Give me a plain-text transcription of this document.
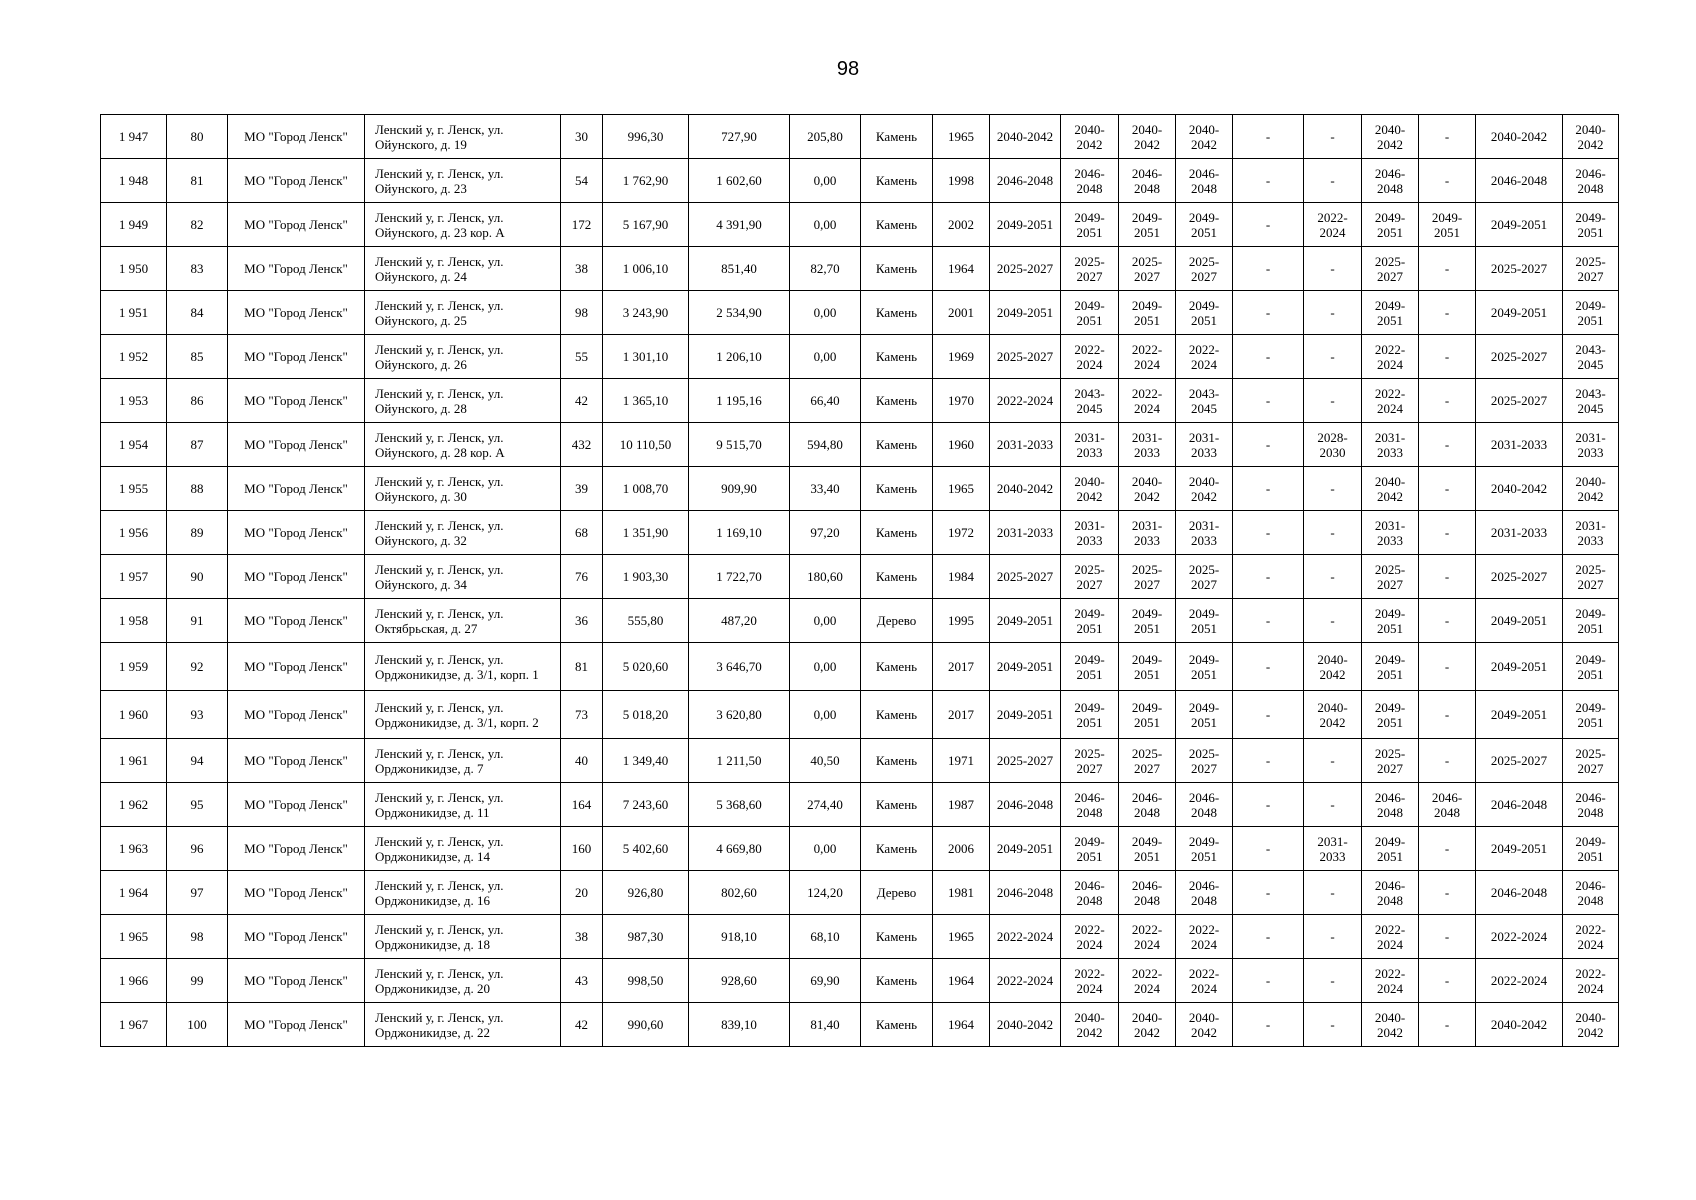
98
1 947	80	МО "Город Ленск"	Ленский у, г. Ленск, ул. Ойунского, д. 19	30	996,30	727,90	205,80	Камень	1965	2040-2042	2040-2042	2040-2042	2040-2042	-	-	2040-2042	-	2040-2042	2040-2042
1 948	81	МО "Город Ленск"	Ленский у, г. Ленск, ул. Ойунского, д. 23	54	1 762,90	1 602,60	0,00	Камень	1998	2046-2048	2046-2048	2046-2048	2046-2048	-	-	2046-2048	-	2046-2048	2046-2048
1 949	82	МО "Город Ленск"	Ленский у, г. Ленск, ул. Ойунского, д. 23 кор. А	172	5 167,90	4 391,90	0,00	Камень	2002	2049-2051	2049-2051	2049-2051	2049-2051	-	2022-2024	2049-2051	2049-2051	2049-2051	2049-2051
1 950	83	МО "Город Ленск"	Ленский у, г. Ленск, ул. Ойунского, д. 24	38	1 006,10	851,40	82,70	Камень	1964	2025-2027	2025-2027	2025-2027	2025-2027	-	-	2025-2027	-	2025-2027	2025-2027
1 951	84	МО "Город Ленск"	Ленский у, г. Ленск, ул. Ойунского, д. 25	98	3 243,90	2 534,90	0,00	Камень	2001	2049-2051	2049-2051	2049-2051	2049-2051	-	-	2049-2051	-	2049-2051	2049-2051
1 952	85	МО "Город Ленск"	Ленский у, г. Ленск, ул. Ойунского, д. 26	55	1 301,10	1 206,10	0,00	Камень	1969	2025-2027	2022-2024	2022-2024	2022-2024	-	-	2022-2024	-	2025-2027	2043-2045
1 953	86	МО "Город Ленск"	Ленский у, г. Ленск, ул. Ойунского, д. 28	42	1 365,10	1 195,16	66,40	Камень	1970	2022-2024	2043-2045	2022-2024	2043-2045	-	-	2022-2024	-	2025-2027	2043-2045
1 954	87	МО "Город Ленск"	Ленский у, г. Ленск, ул. Ойунского, д. 28 кор. А	432	10 110,50	9 515,70	594,80	Камень	1960	2031-2033	2031-2033	2031-2033	2031-2033	-	2028-2030	2031-2033	-	2031-2033	2031-2033
1 955	88	МО "Город Ленск"	Ленский у, г. Ленск, ул. Ойунского, д. 30	39	1 008,70	909,90	33,40	Камень	1965	2040-2042	2040-2042	2040-2042	2040-2042	-	-	2040-2042	-	2040-2042	2040-2042
1 956	89	МО "Город Ленск"	Ленский у, г. Ленск, ул. Ойунского, д. 32	68	1 351,90	1 169,10	97,20	Камень	1972	2031-2033	2031-2033	2031-2033	2031-2033	-	-	2031-2033	-	2031-2033	2031-2033
1 957	90	МО "Город Ленск"	Ленский у, г. Ленск, ул. Ойунского, д. 34	76	1 903,30	1 722,70	180,60	Камень	1984	2025-2027	2025-2027	2025-2027	2025-2027	-	-	2025-2027	-	2025-2027	2025-2027
1 958	91	МО "Город Ленск"	Ленский у, г. Ленск, ул. Октябрьская, д. 27	36	555,80	487,20	0,00	Дерево	1995	2049-2051	2049-2051	2049-2051	2049-2051	-	-	2049-2051	-	2049-2051	2049-2051
1 959	92	МО "Город Ленск"	Ленский у, г. Ленск, ул. Орджоникидзе, д. 3/1, корп. 1	81	5 020,60	3 646,70	0,00	Камень	2017	2049-2051	2049-2051	2049-2051	2049-2051	-	2040-2042	2049-2051	-	2049-2051	2049-2051
1 960	93	МО "Город Ленск"	Ленский у, г. Ленск, ул. Орджоникидзе, д. 3/1, корп. 2	73	5 018,20	3 620,80	0,00	Камень	2017	2049-2051	2049-2051	2049-2051	2049-2051	-	2040-2042	2049-2051	-	2049-2051	2049-2051
1 961	94	МО "Город Ленск"	Ленский у, г. Ленск, ул. Орджоникидзе, д. 7	40	1 349,40	1 211,50	40,50	Камень	1971	2025-2027	2025-2027	2025-2027	2025-2027	-	-	2025-2027	-	2025-2027	2025-2027
1 962	95	МО "Город Ленск"	Ленский у, г. Ленск, ул. Орджоникидзе, д. 11	164	7 243,60	5 368,60	274,40	Камень	1987	2046-2048	2046-2048	2046-2048	2046-2048	-	-	2046-2048	2046-2048	2046-2048	2046-2048
1 963	96	МО "Город Ленск"	Ленский у, г. Ленск, ул. Орджоникидзе, д. 14	160	5 402,60	4 669,80	0,00	Камень	2006	2049-2051	2049-2051	2049-2051	2049-2051	-	2031-2033	2049-2051	-	2049-2051	2049-2051
1 964	97	МО "Город Ленск"	Ленский у, г. Ленск, ул. Орджоникидзе, д. 16	20	926,80	802,60	124,20	Дерево	1981	2046-2048	2046-2048	2046-2048	2046-2048	-	-	2046-2048	-	2046-2048	2046-2048
1 965	98	МО "Город Ленск"	Ленский у, г. Ленск, ул. Орджоникидзе, д. 18	38	987,30	918,10	68,10	Камень	1965	2022-2024	2022-2024	2022-2024	2022-2024	-	-	2022-2024	-	2022-2024	2022-2024
1 966	99	МО "Город Ленск"	Ленский у, г. Ленск, ул. Орджоникидзе, д. 20	43	998,50	928,60	69,90	Камень	1964	2022-2024	2022-2024	2022-2024	2022-2024	-	-	2022-2024	-	2022-2024	2022-2024
1 967	100	МО "Город Ленск"	Ленский у, г. Ленск, ул. Орджоникидзе, д. 22	42	990,60	839,10	81,40	Камень	1964	2040-2042	2040-2042	2040-2042	2040-2042	-	-	2040-2042	-	2040-2042	2040-2042
